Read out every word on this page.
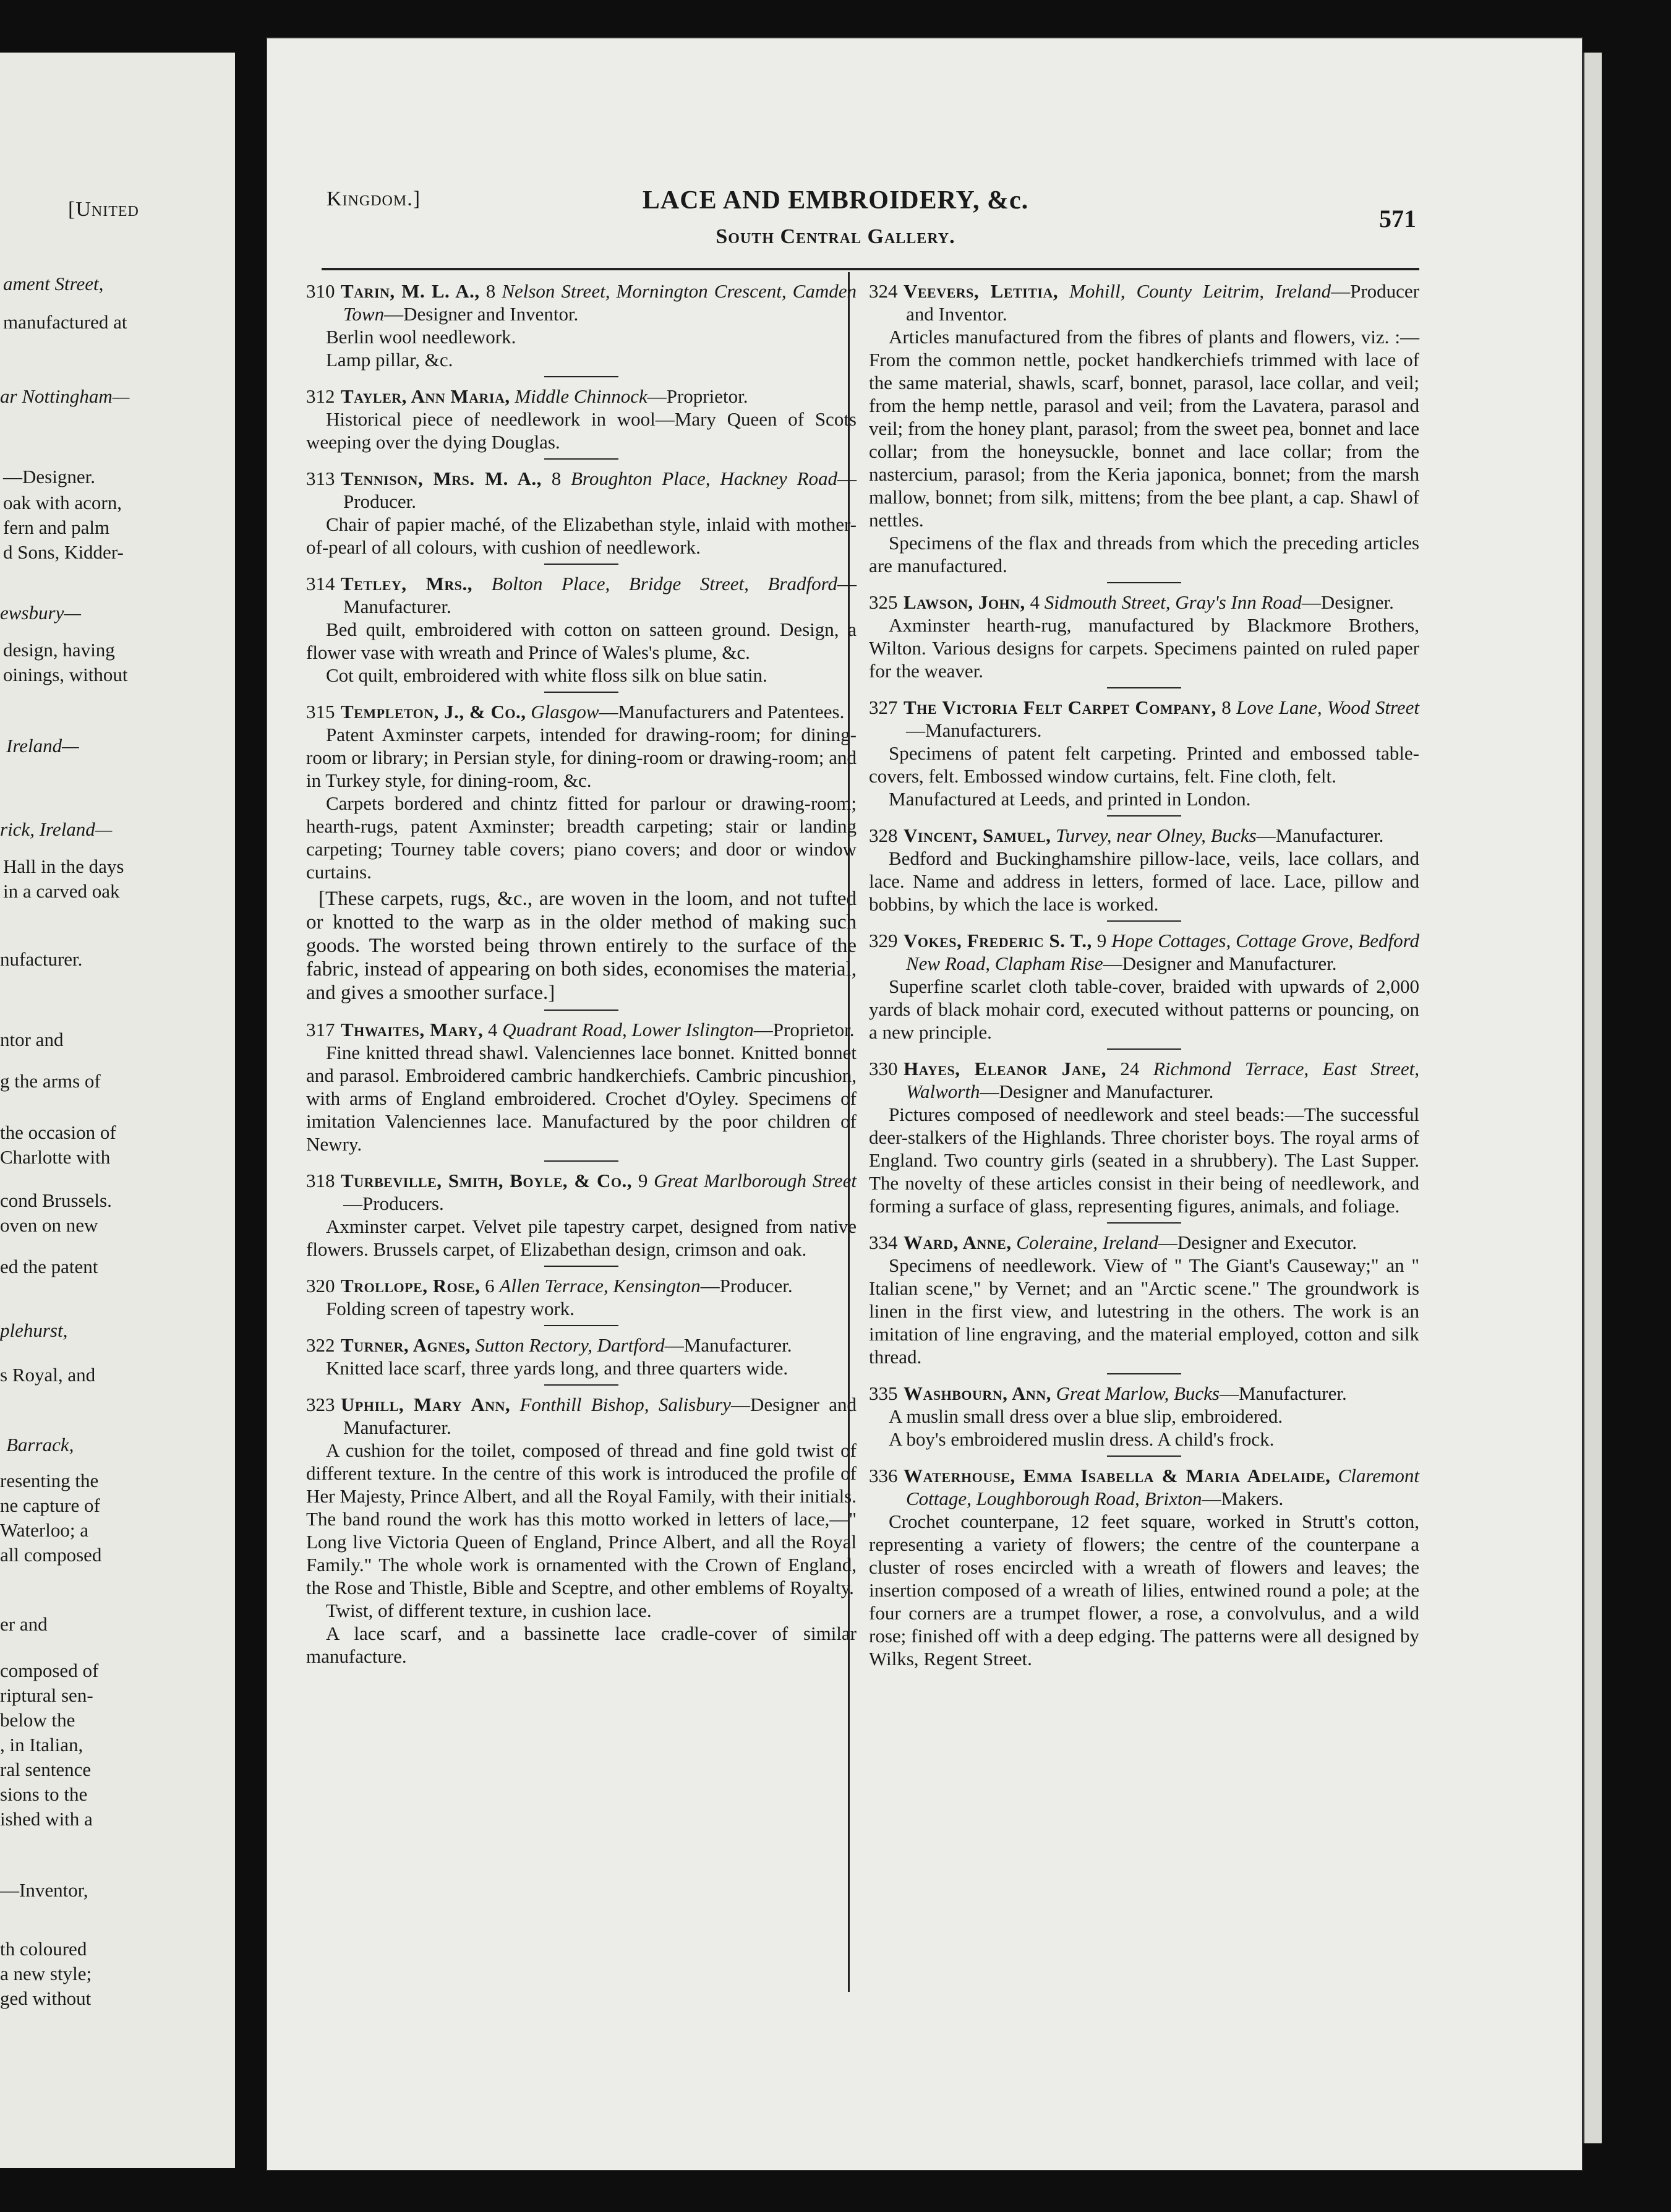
[United
ament Street,
manufactured at
ar Nottingham—
—Designer.
oak with acorn,
fern and palm
d Sons, Kidder-
ewsbury—
design, having
oinings, without
Ireland—
rick, Ireland—
Hall in the days
in a carved oak
nufacturer.
ntor and
g the arms of
the occasion of
Charlotte with
cond Brussels.
oven on new
ed the patent
plehurst,
s Royal, and
Barrack,
resenting the
ne capture of
Waterloo; a
all composed
er and
composed of
riptural sen-
below the
, in Italian,
ral sentence
sions to the
ished with a
—Inventor,
th coloured
a new style;
ged without
Kingdom.]	LACE AND EMBROIDERY, &c.
South Central Gallery.
571
310 Tarin, M. L. A., 8 Nelson Street, Mornington Crescent, Camden Town—Designer and Inventor.

Berlin wool needlework.

Lamp pillar, &c.

312 Tayler, Ann Maria, Middle Chinnock—Proprietor.

Historical piece of needlework in wool—Mary Queen of Scots weeping over the dying Douglas.

313 Tennison, Mrs. M. A., 8 Broughton Place, Hackney Road—Producer.

Chair of papier maché, of the Elizabethan style, inlaid with mother-of-pearl of all colours, with cushion of needlework.

314 Tetley, Mrs., Bolton Place, Bridge Street, Bradford—Manufacturer.

Bed quilt, embroidered with cotton on satteen ground. Design, a flower vase with wreath and Prince of Wales's plume, &c.

Cot quilt, embroidered with white floss silk on blue satin.

315 Templeton, J., & Co., Glasgow—Manufacturers and Patentees.

Patent Axminster carpets, intended for drawing-room; for dining-room or library; in Persian style, for dining-room or drawing-room; and in Turkey style, for dining-room, &c.

Carpets bordered and chintz fitted for parlour or drawing-room; hearth-rugs, patent Axminster; breadth carpeting; stair or landing carpeting; Tourney table covers; piano covers; and door or window curtains.

[These carpets, rugs, &c., are woven in the loom, and not tufted or knotted to the warp as in the older method of making such goods. The worsted being thrown entirely to the surface of the fabric, instead of appearing on both sides, economises the material, and gives a smoother surface.]

317 Thwaites, Mary, 4 Quadrant Road, Lower Islington—Proprietor.

Fine knitted thread shawl. Valenciennes lace bonnet. Knitted bonnet and parasol. Embroidered cambric handkerchiefs. Cambric pincushion, with arms of England embroidered. Crochet d'Oyley. Specimens of imitation Valenciennes lace. Manufactured by the poor children of Newry.

318 Turbeville, Smith, Boyle, & Co., 9 Great Marlborough Street—Producers.

Axminster carpet. Velvet pile tapestry carpet, designed from native flowers. Brussels carpet, of Elizabethan design, crimson and oak.

320 Trollope, Rose, 6 Allen Terrace, Kensington—Producer.

Folding screen of tapestry work.

322 Turner, Agnes, Sutton Rectory, Dartford—Manufacturer.

Knitted lace scarf, three yards long, and three quarters wide.

323 Uphill, Mary Ann, Fonthill Bishop, Salisbury—Designer and Manufacturer.

A cushion for the toilet, composed of thread and fine gold twist of different texture. In the centre of this work is introduced the profile of Her Majesty, Prince Albert, and all the Royal Family, with their initials. The band round the work has this motto worked in letters of lace,—" Long live Victoria Queen of England, Prince Albert, and all the Royal Family." The whole work is ornamented with the Crown of England, the Rose and Thistle, Bible and Sceptre, and other emblems of Royalty.

Twist, of different texture, in cushion lace.

A lace scarf, and a bassinette lace cradle-cover of similar manufacture.

324 Veevers, Letitia, Mohill, County Leitrim, Ireland—Producer and Inventor.

Articles manufactured from the fibres of plants and flowers, viz. :—From the common nettle, pocket handkerchiefs trimmed with lace of the same material, shawls, scarf, bonnet, parasol, lace collar, and veil; from the hemp nettle, parasol and veil; from the Lavatera, parasol and veil; from the honey plant, parasol; from the sweet pea, bonnet and lace collar; from the honeysuckle, bonnet and lace collar; from the nastercium, parasol; from the Keria japonica, bonnet; from the marsh mallow, bonnet; from silk, mittens; from the bee plant, a cap. Shawl of nettles.

Specimens of the flax and threads from which the preceding articles are manufactured.

325 Lawson, John, 4 Sidmouth Street, Gray's Inn Road—Designer.

Axminster hearth-rug, manufactured by Blackmore Brothers, Wilton. Various designs for carpets. Specimens painted on ruled paper for the weaver.

327 The Victoria Felt Carpet Company, 8 Love Lane, Wood Street—Manufacturers.

Specimens of patent felt carpeting. Printed and embossed table-covers, felt. Embossed window curtains, felt. Fine cloth, felt.

Manufactured at Leeds, and printed in London.

328 Vincent, Samuel, Turvey, near Olney, Bucks—Manufacturer.

Bedford and Buckinghamshire pillow-lace, veils, lace collars, and lace. Name and address in letters, formed of lace. Lace, pillow and bobbins, by which the lace is worked.

329 Vokes, Frederic S. T., 9 Hope Cottages, Cottage Grove, Bedford New Road, Clapham Rise—Designer and Manufacturer.

Superfine scarlet cloth table-cover, braided with upwards of 2,000 yards of black mohair cord, executed without patterns or pouncing, on a new principle.

330 Hayes, Eleanor Jane, 24 Richmond Terrace, East Street, Walworth—Designer and Manufacturer.

Pictures composed of needlework and steel beads:—The successful deer-stalkers of the Highlands. Three chorister boys. The royal arms of England. Two country girls (seated in a shrubbery). The Last Supper. The novelty of these articles consist in their being of needlework, and forming a surface of glass, representing figures, animals, and foliage.

334 Ward, Anne, Coleraine, Ireland—Designer and Executor.

Specimens of needlework. View of " The Giant's Causeway;" an " Italian scene," by Vernet; and an "Arctic scene." The groundwork is linen in the first view, and lutestring in the others. The work is an imitation of line engraving, and the material employed, cotton and silk thread.

335 Washbourn, Ann, Great Marlow, Bucks—Manufacturer.

A muslin small dress over a blue slip, embroidered.

A boy's embroidered muslin dress. A child's frock.

336 Waterhouse, Emma Isabella & Maria Adelaide, Claremont Cottage, Loughborough Road, Brixton—Makers.

Crochet counterpane, 12 feet square, worked in Strutt's cotton, representing a variety of flowers; the centre of the counterpane a cluster of roses encircled with a wreath of flowers and leaves; the insertion composed of a wreath of lilies, entwined round a pole; at the four corners are a trumpet flower, a rose, a convolvulus, and a wild rose; finished off with a deep edging. The patterns were all designed by Wilks, Regent Street.
